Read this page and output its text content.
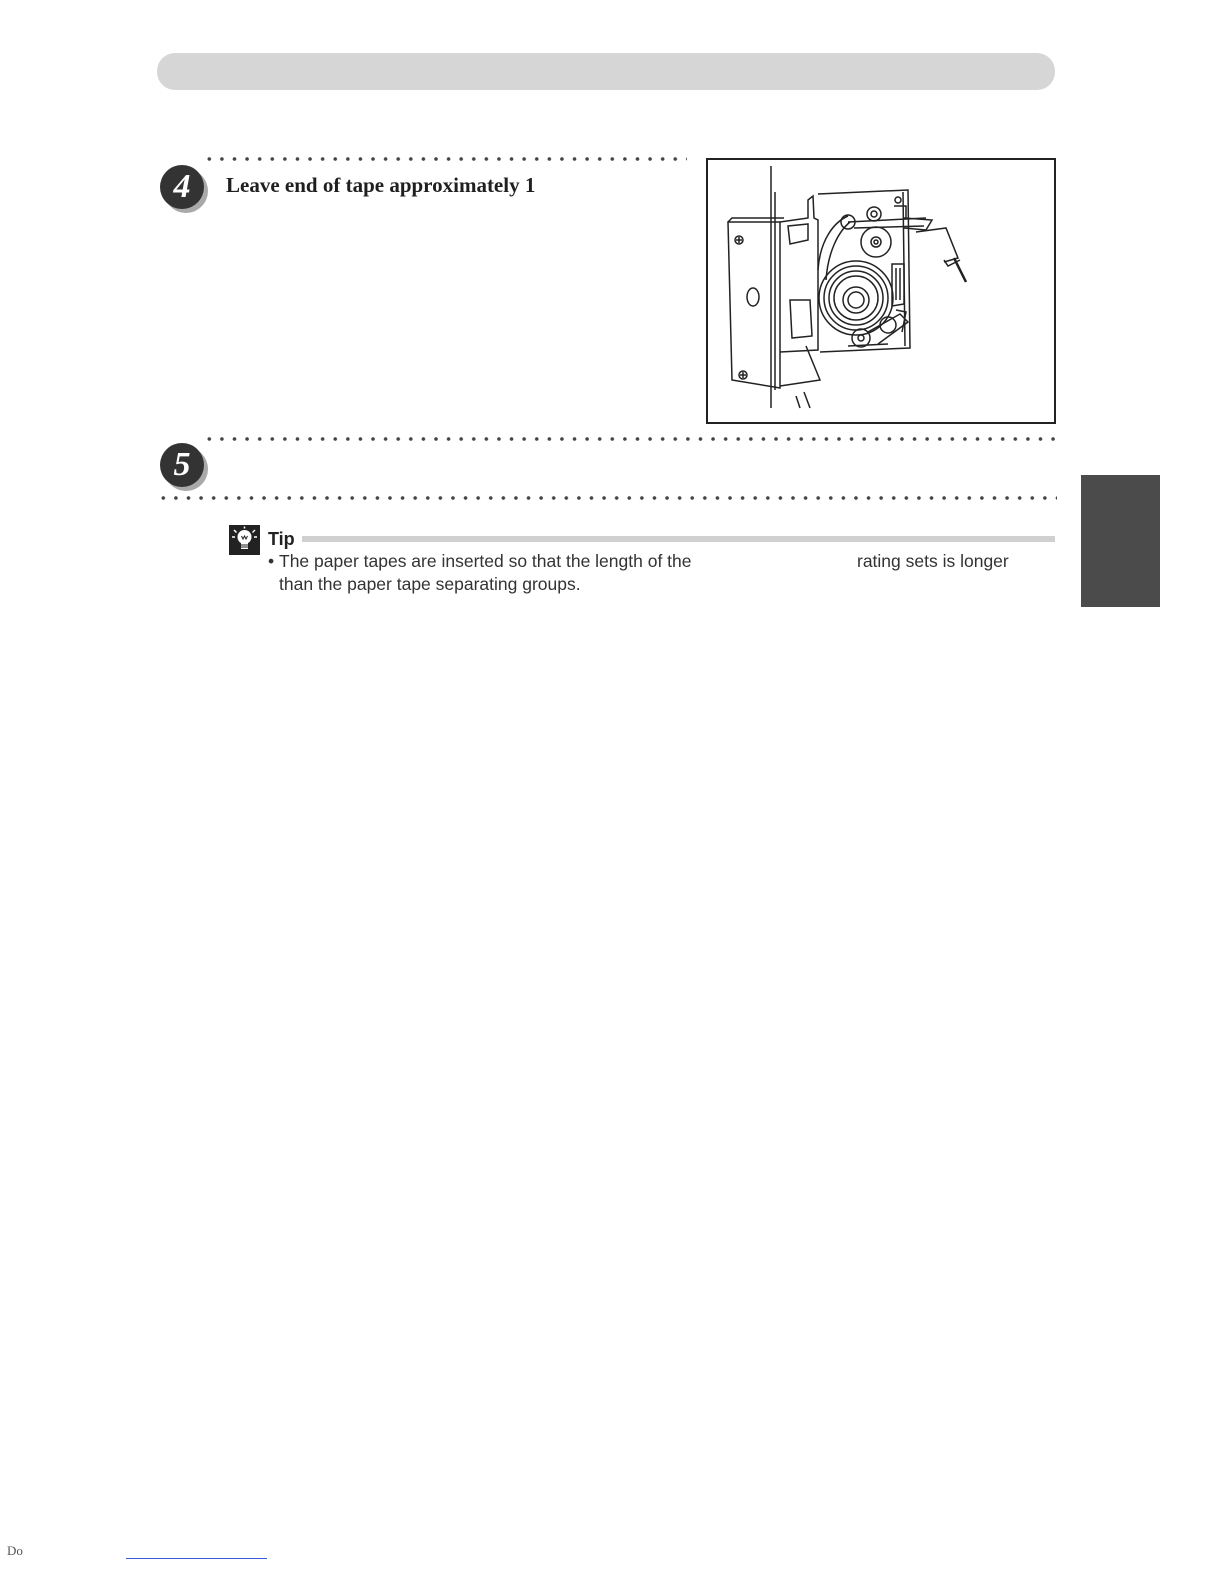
4	Leave end of tape approximately 1
5
Tip
• The paper tapes are inserted so that the length of the	rating sets is longer
than the paper tape separating groups.
Do
